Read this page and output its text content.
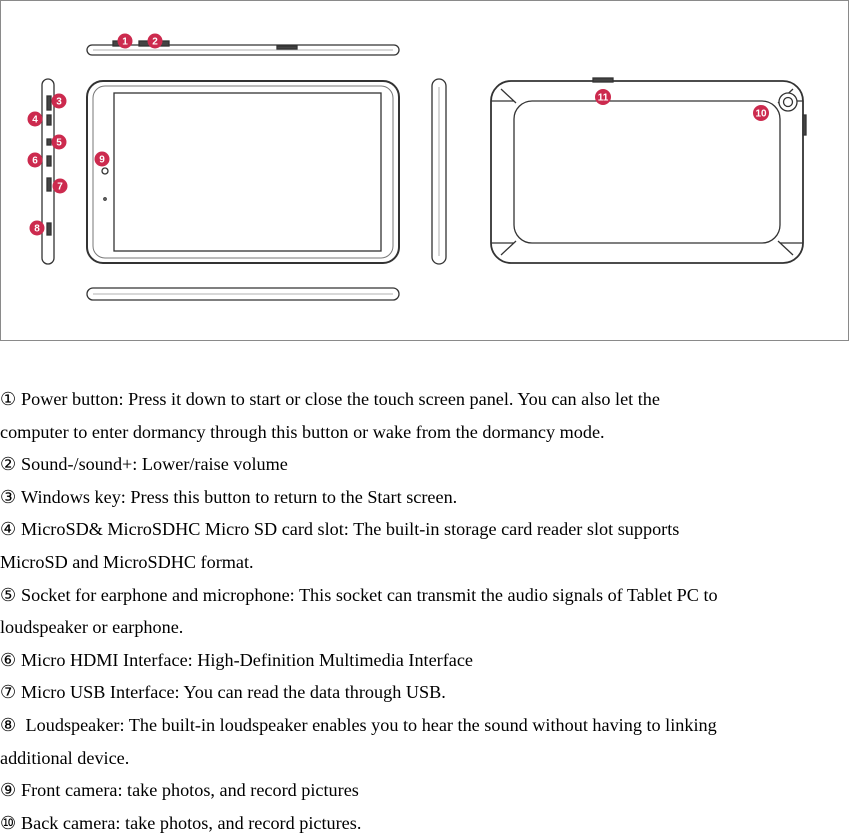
1 2
3
4
5
6
7
8
9
10
11
① Power button: Press it down to start or close the touch screen panel. You can also let the
computer to enter dormancy through this button or wake from the dormancy mode.
② Sound-/sound+: Lower/raise volume
③ Windows key: Press this button to return to the Start screen.
④ MicroSD& MicroSDHC Micro SD card slot: The built-in storage card reader slot supports
MicroSD and MicroSDHC format.
⑤ Socket for earphone and microphone: This socket can transmit the audio signals of Tablet PC to
loudspeaker or earphone.
⑥ Micro HDMI Interface: High-Definition Multimedia Interface
⑦ Micro USB Interface: You can read the data through USB.
⑧ Loudspeaker: The built-in loudspeaker enables you to hear the sound without having to linking
additional device.
⑨ Front camera: take photos, and record pictures
⑩ Back camera: take photos, and record pictures.
